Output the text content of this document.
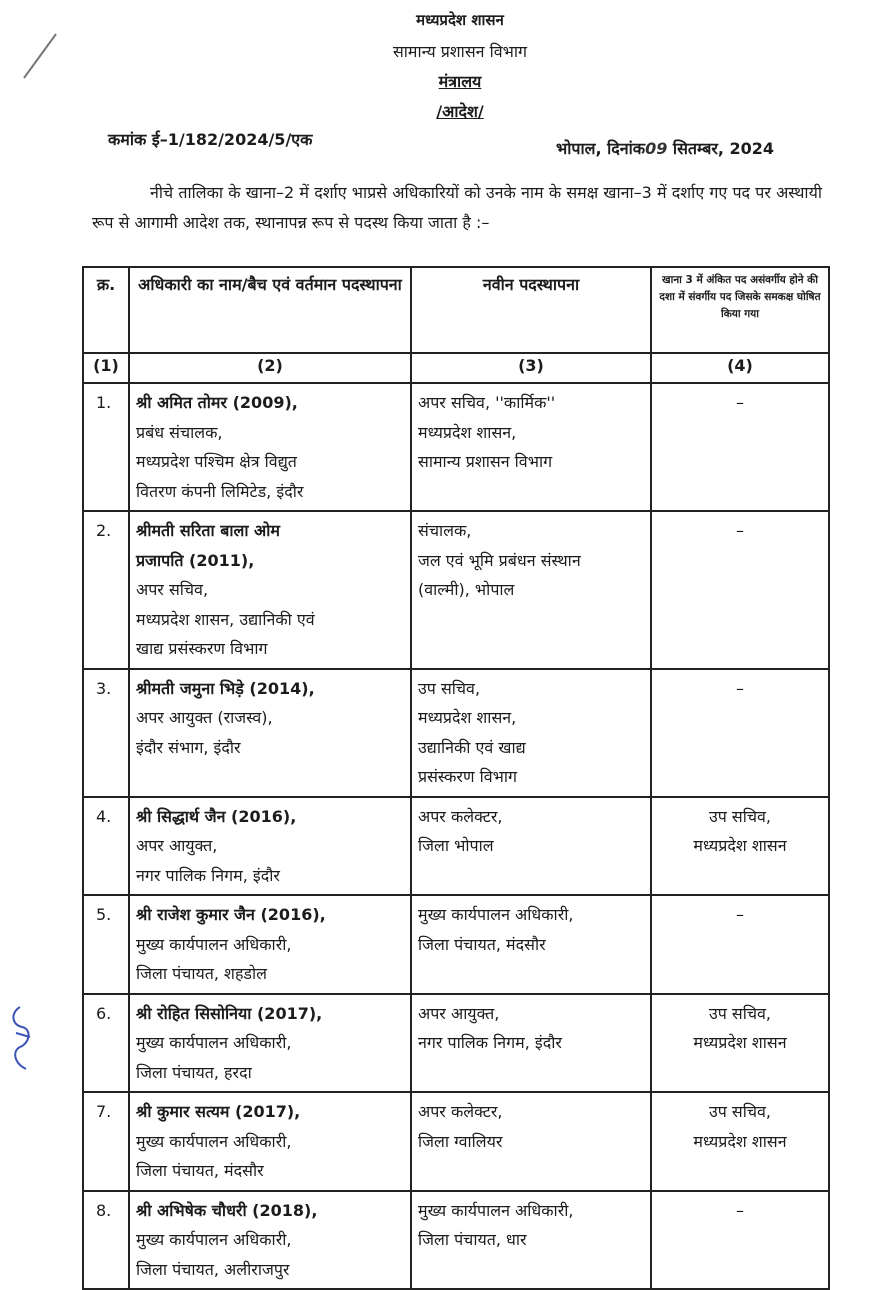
मध्यप्रदेश शासन
सामान्य प्रशासन विभाग
मंत्रालय
/आदेश/
कमांक ई–1/182/2024/5/एक	भोपाल, दिनांक09 सितम्बर, 2024
नीचे तालिका के खाना–2 में दर्शाए भाप्रसे अधिकारियों को उनके नाम के समक्ष खाना–3 में दर्शाए गए पद पर अस्थायी रूप से आगामी आदेश तक, स्थानापन्न रूप से पदस्थ किया जाता है :–
क्र.	अधिकारी का नाम/बैच एवं वर्तमान पदस्थापना	नवीन पदस्थापना	खाना 3 में अंकित पद असंवर्गीय होने की दशा में संवर्गीय पद जिसके समकक्ष घोषित किया गया
(1)	(2)	(3)	(4)
1.	श्री अमित तोमर (2009),
प्रबंध संचालक,
मध्यप्रदेश पश्चिम क्षेत्र विद्युत
वितरण कंपनी लिमिटेड, इंदौर	अपर सचिव, ''कार्मिक''
मध्यप्रदेश शासन,
सामान्य प्रशासन विभाग	–

2.	श्रीमती सरिता बाला ओम
प्रजापति (2011),
अपर सचिव,
मध्यप्रदेश शासन, उद्यानिकी एवं
खाद्य प्रसंस्करण विभाग	संचालक,
जल एवं भूमि प्रबंधन संस्थान
(वाल्मी), भोपाल	–

3.	श्रीमती जमुना भिड़े (2014),
अपर आयुक्त (राजस्व),
इंदौर संभाग, इंदौर	उप सचिव,
मध्यप्रदेश शासन,
उद्यानिकी एवं खाद्य
प्रसंस्करण विभाग	–

4.	श्री सिद्धार्थ जैन (2016),
अपर आयुक्त,
नगर पालिक निगम, इंदौर	अपर कलेक्टर,
जिला भोपाल	उप सचिव,
मध्यप्रदेश शासन

5.	श्री राजेश कुमार जैन (2016),
मुख्य कार्यपालन अधिकारी,
जिला पंचायत, शहडोल	मुख्य कार्यपालन अधिकारी,
जिला पंचायत, मंदसौर	–

6.	श्री रोहित सिसोनिया (2017),
मुख्य कार्यपालन अधिकारी,
जिला पंचायत, हरदा	अपर आयुक्त,
नगर पालिक निगम, इंदौर	उप सचिव,
मध्यप्रदेश शासन

7.	श्री कुमार सत्यम (2017),
मुख्य कार्यपालन अधिकारी,
जिला पंचायत, मंदसौर	अपर कलेक्टर,
जिला ग्वालियर	उप सचिव,
मध्यप्रदेश शासन

8.	श्री अभिषेक चौधरी (2018),
मुख्य कार्यपालन अधिकारी,
जिला पंचायत, अलीराजपुर	मुख्य कार्यपालन अधिकारी,
जिला पंचायत, धार	–
